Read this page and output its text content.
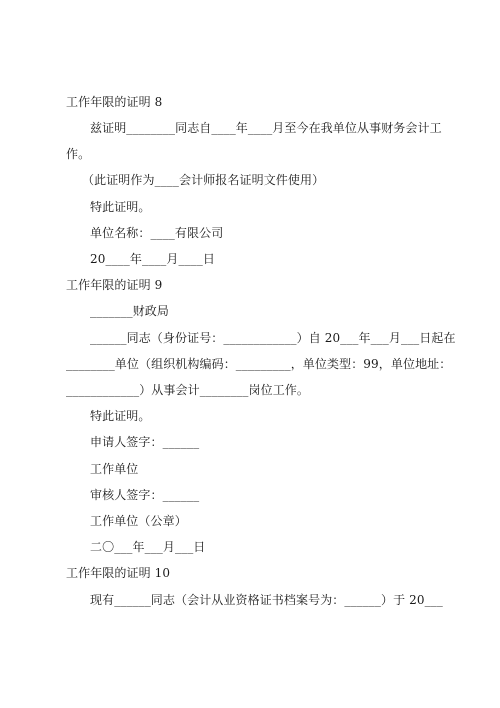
工作年限的证明 8
兹证明________同志自____年____月至今在我单位从事财务会计工
作。
（此证明作为____会计师报名证明文件使用）
特此证明。
单位名称：____有限公司
20____年____月____日
工作年限的证明 9
_______财政局
______同志（身份证号：____________）自 20___年___月___日起在
________单位（组织机构编码：_________，单位类型：99，单位地址：
____________）从事会计________岗位工作。
特此证明。
申请人签字：______
工作单位
审核人签字：______
工作单位（公章）
二〇___年___月___日
工作年限的证明 10
现有______同志（会计从业资格证书档案号为：______）于 20___
